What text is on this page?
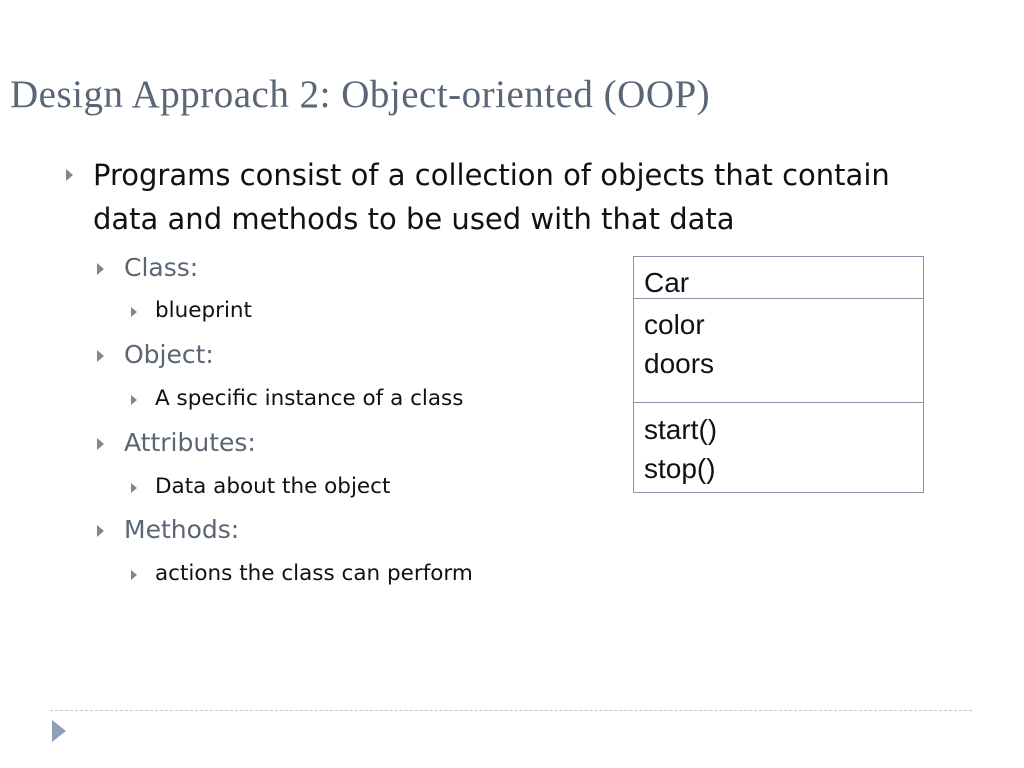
Design Approach 2: Object-oriented (OOP)
Programs consist of a collection of objects that contain
data and methods to be used with that data
Class:
blueprint
Object:
A specific instance of a class
Attributes:
Data about the object
Methods:
actions the class can perform
Car
color
doors
start()
stop()
